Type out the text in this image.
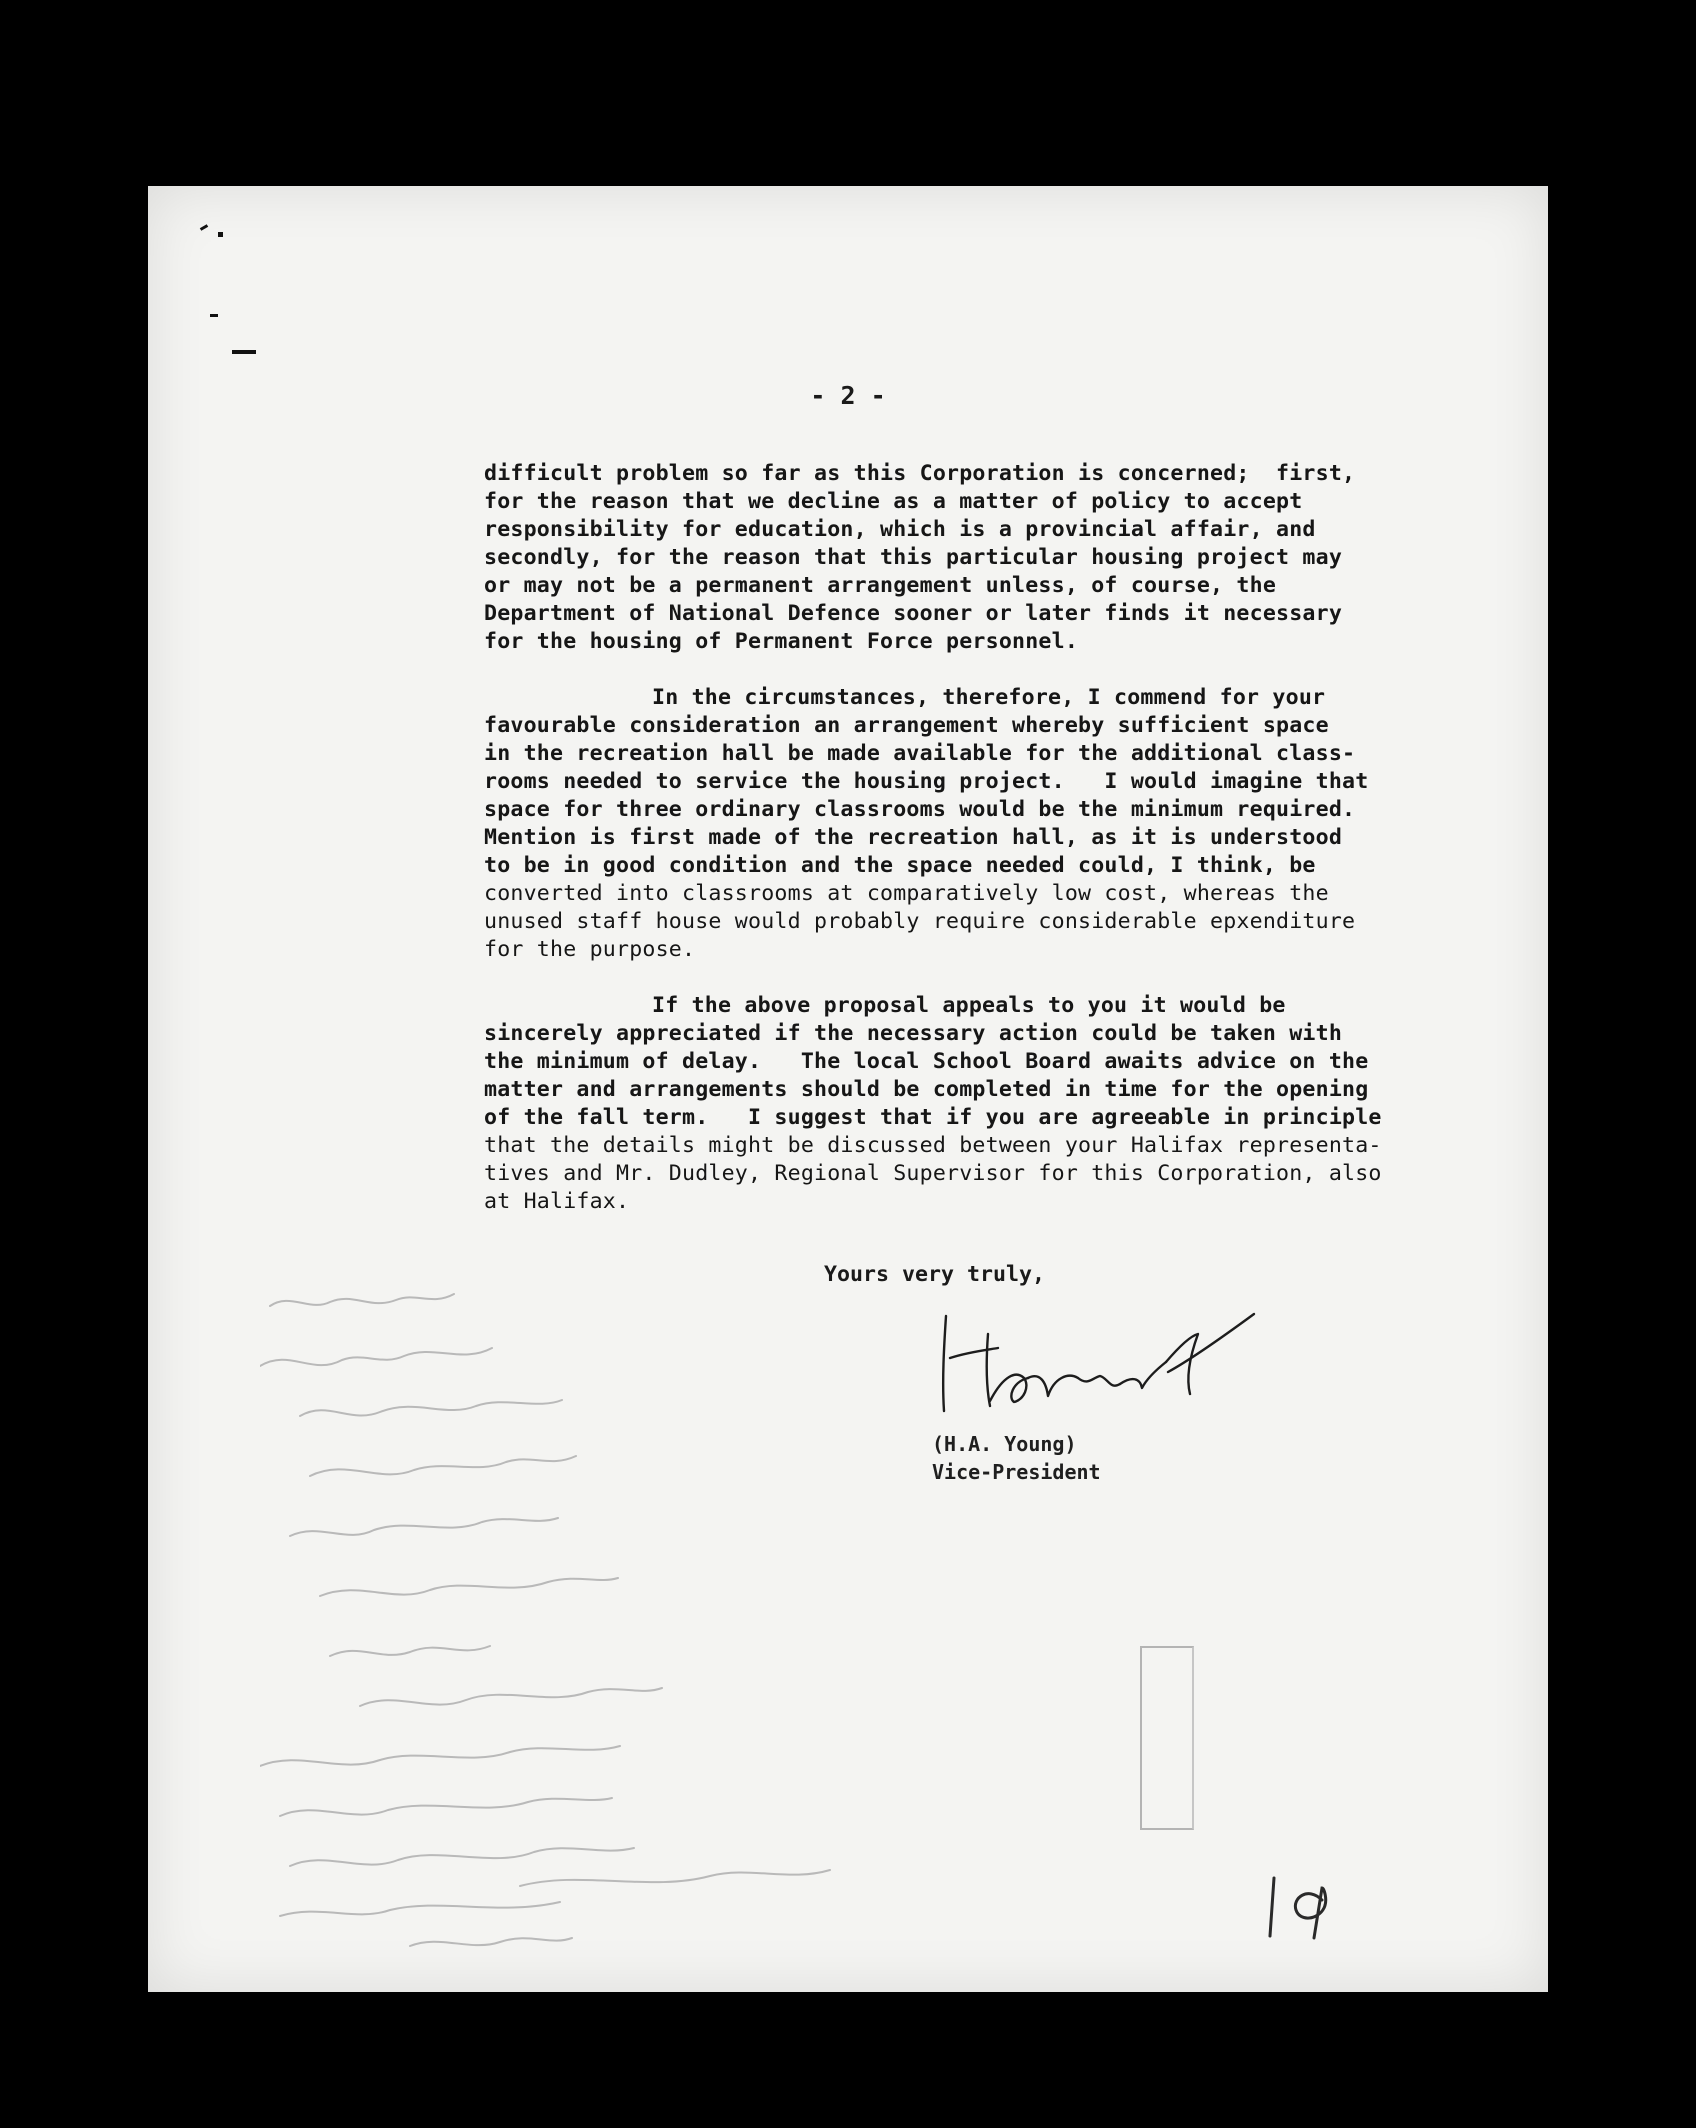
- 2 -
difficult problem so far as this Corporation is concerned;  first,
for the reason that we decline as a matter of policy to accept
responsibility for education, which is a provincial affair, and
secondly, for the reason that this particular housing project may
or may not be a permanent arrangement unless, of course, the
Department of National Defence sooner or later finds it necessary
for the housing of Permanent Force personnel.
In the circumstances, therefore, I commend for your
favourable consideration an arrangement whereby sufficient space
in the recreation hall be made available for the additional class-
rooms needed to service the housing project.   I would imagine that
space for three ordinary classrooms would be the minimum required.
Mention is first made of the recreation hall, as it is understood
to be in good condition and the space needed could, I think, be
converted into classrooms at comparatively low cost, whereas the
unused staff house would probably require considerable epxenditure
for the purpose.
If the above proposal appeals to you it would be
sincerely appreciated if the necessary action could be taken with
the minimum of delay.   The local School Board awaits advice on the
matter and arrangements should be completed in time for the opening
of the fall term.   I suggest that if you are agreeable in principle
that the details might be discussed between your Halifax representa-
tives and Mr. Dudley, Regional Supervisor for this Corporation, also
at Halifax.
Yours very truly,
(H.A. Young)
Vice-President
